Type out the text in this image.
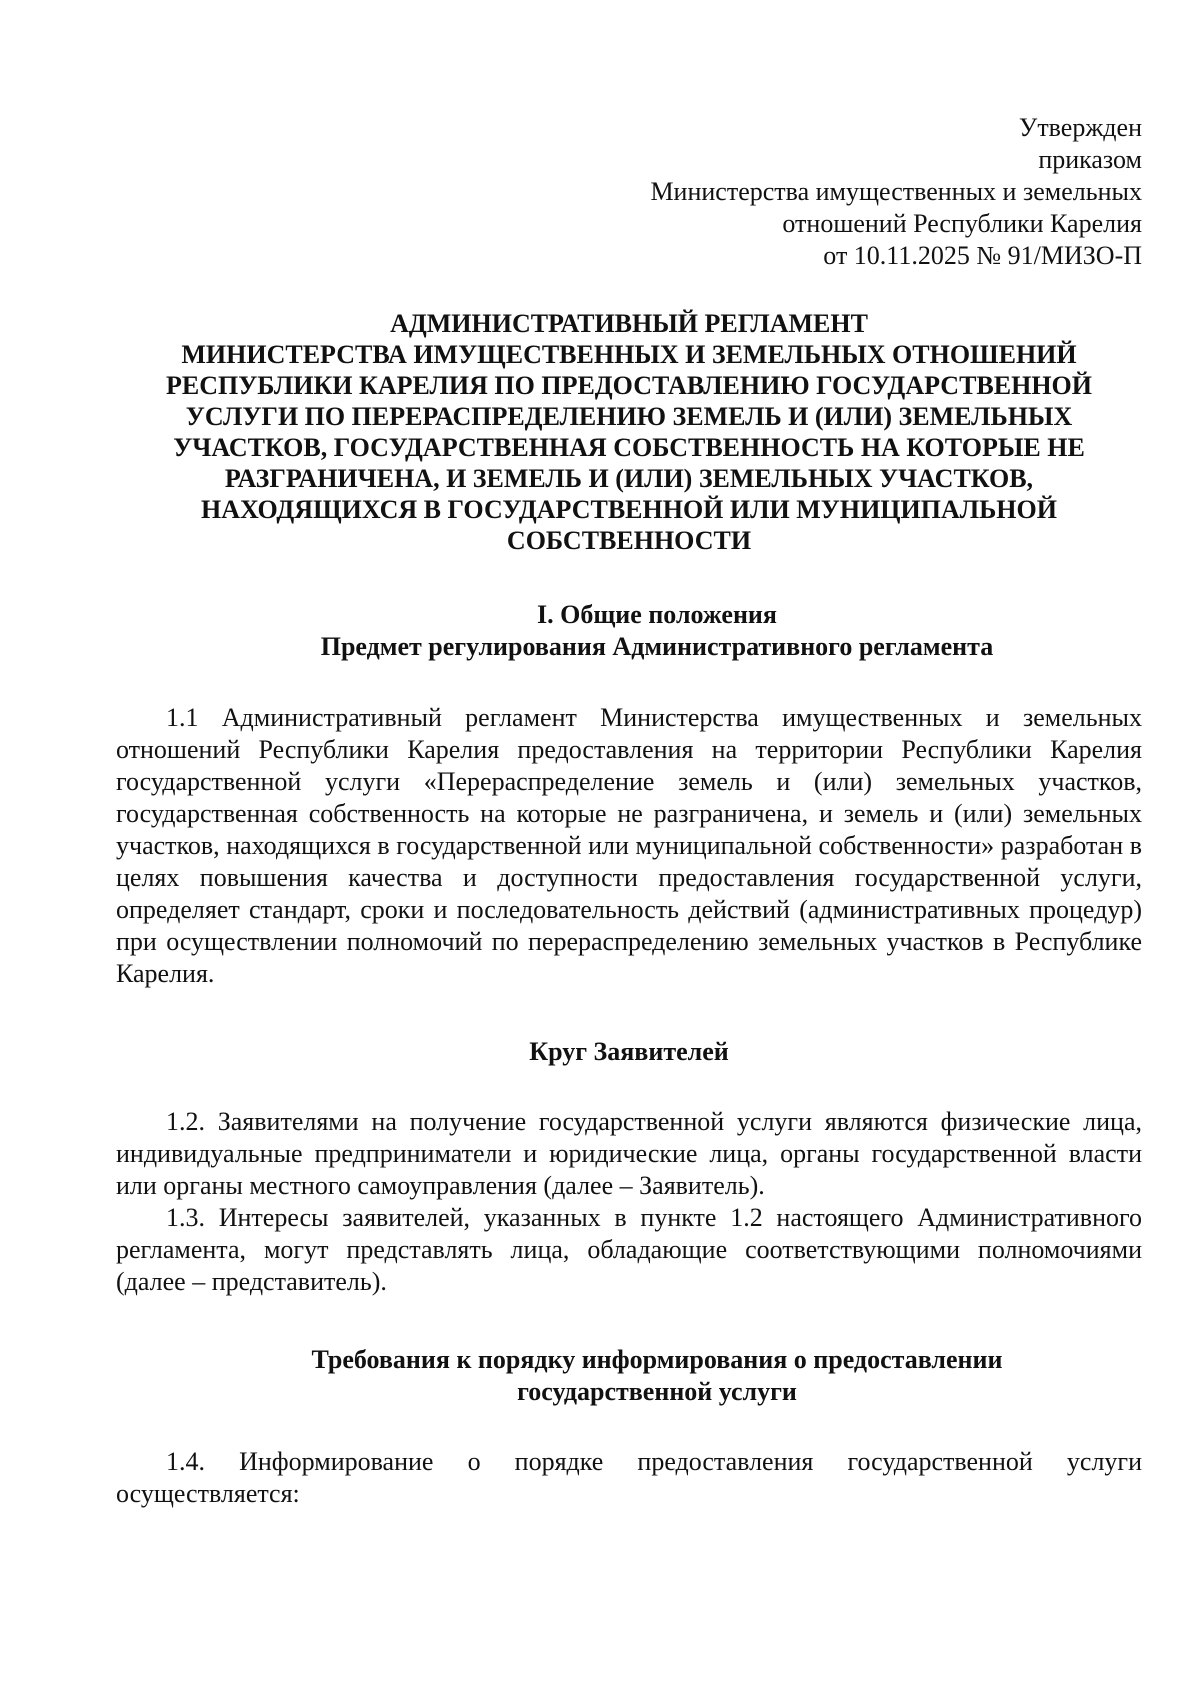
Утвержден
приказом
Министерства имущественных и земельных
отношений Республики Карелия
от 10.11.2025 № 91/МИЗО-П
АДМИНИСТРАТИВНЫЙ РЕГЛАМЕНТ
МИНИСТЕРСТВА ИМУЩЕСТВЕННЫХ И ЗЕМЕЛЬНЫХ ОТНОШЕНИЙ
РЕСПУБЛИКИ КАРЕЛИЯ ПО ПРЕДОСТАВЛЕНИЮ ГОСУДАРСТВЕННОЙ
УСЛУГИ ПО ПЕРЕРАСПРЕДЕЛЕНИЮ ЗЕМЕЛЬ И (ИЛИ) ЗЕМЕЛЬНЫХ
УЧАСТКОВ, ГОСУДАРСТВЕННАЯ СОБСТВЕННОСТЬ НА КОТОРЫЕ НЕ
РАЗГРАНИЧЕНА, И ЗЕМЕЛЬ И (ИЛИ) ЗЕМЕЛЬНЫХ УЧАСТКОВ,
НАХОДЯЩИХСЯ В ГОСУДАРСТВЕННОЙ ИЛИ МУНИЦИПАЛЬНОЙ
СОБСТВЕННОСТИ
I. Общие положения
Предмет регулирования Административного регламента

1.1 Административный регламент Министерства имущественных и земельных отношений Республики Карелия предоставления на территории Республики Карелия государственной услуги «Перераспределение земель и (или) земельных участков, государственная собственность на которые не разграничена, и земель и (или) земельных участков, находящихся в государственной или муниципальной собственности» разработан в целях повышения качества и доступности предоставления государственной услуги, определяет стандарт, сроки и последовательность действий (административных процедур) при осуществлении полномочий по перераспределению земельных участков в Республике Карелия.

Круг Заявителей

1.2. Заявителями на получение государственной услуги являются физические лица, индивидуальные предприниматели и юридические лица, органы государственной власти или органы местного самоуправления (далее – Заявитель).

1.3. Интересы заявителей, указанных в пункте 1.2 настоящего Административного регламента, могут представлять лица, обладающие соответствующими полномочиями (далее – представитель).

Требования к порядку информирования о предоставлении
государственной услуги

1.4. Информирование о порядке предоставления государственной услуги осуществляется:
